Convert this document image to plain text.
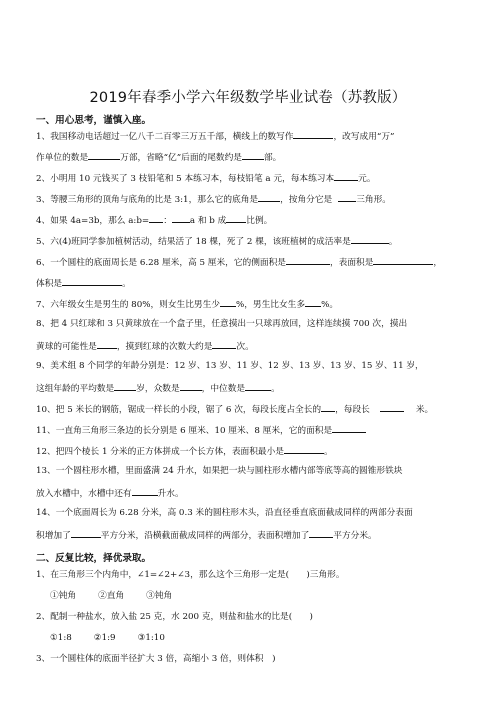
2019年春季小学六年级数学毕业试卷（苏教版）
一、用心思考，谨慎入座。
1、我国移动电话超过一亿八千二百零三万五千部，横线上的数写作	，改写成用“万”
作单位的数是	万部，省略“亿”后面的尾数约是	部。
2、小明用 10 元钱买了 3 枝铅笔和 5 本练习本，每枝铅笔 a 元，每本练习本	元。
3、等腰三角形的顶角与底角的比是 3:1，那么它的底角是	，按角分它是	三角形。
4、如果 4a=3b，那么 a:b= ： a 和 b 成 比例。
5、六(4)班同学参加植树活动，结果活了 18 棵，死了 2 棵，该班植树的成活率是	。
6、一个圆柱的底面周长是 6.28 厘米，高 5 厘米，它的侧面积是	，表面积是	，
体积是	。
7、六年级女生是男生的 80%，则女生比男生少 %，男生比女生多 %。
8、把 4 只红球和 3 只黄球放在一个盒子里，任意摸出一只球再放回，这样连续摸 700 次，摸出
黄球的可能性是 ，摸到红球的次数大约是	次。
9、美术组 8 个同学的年龄分别是：12 岁、13 岁、11 岁、12 岁、13 岁、13 岁、15 岁、11 岁，
这组年龄的平均数是	岁，众数是	，中位数是	。
10、把 5 米长的钢筋，锯成一样长的小段，锯了 6 次，每段长度占全长的 ，每段长	米。
11、一直角三角形三条边的长分别是 6 厘米、10 厘米、8 厘米，它的面积是
12、把四个棱长 1 分米的正方体拼成一个长方体，表面积最小是	。
13、一个圆柱形水槽，里面盛满 24 升水，如果把一块与圆柱形水槽内部等底等高的圆锥形铁块
放入水槽中，水槽中还有	升水。
14、一个底面周长为 6.28 分米，高 0.3 米的圆柱形木头，沿直径垂直底面截成同样的两部分表面
积增加了	平方分米，沿横截面截成同样的两部分，表面积增加了	平方分米。
二、反复比较，择优录取。
1、在三角形三个内角中，∠1=∠2+∠3，那么这个三角形一定是(　　)三角形。
①钝角	②直角	③钝角
2、配制一种盐水，放入盐 25 克，水 200 克，则盐和盐水的比是(　　)
①1:8	②1:9	③1:10
3、一个圆柱体的底面半径扩大 3 倍，高缩小 3 倍，则体积　)
